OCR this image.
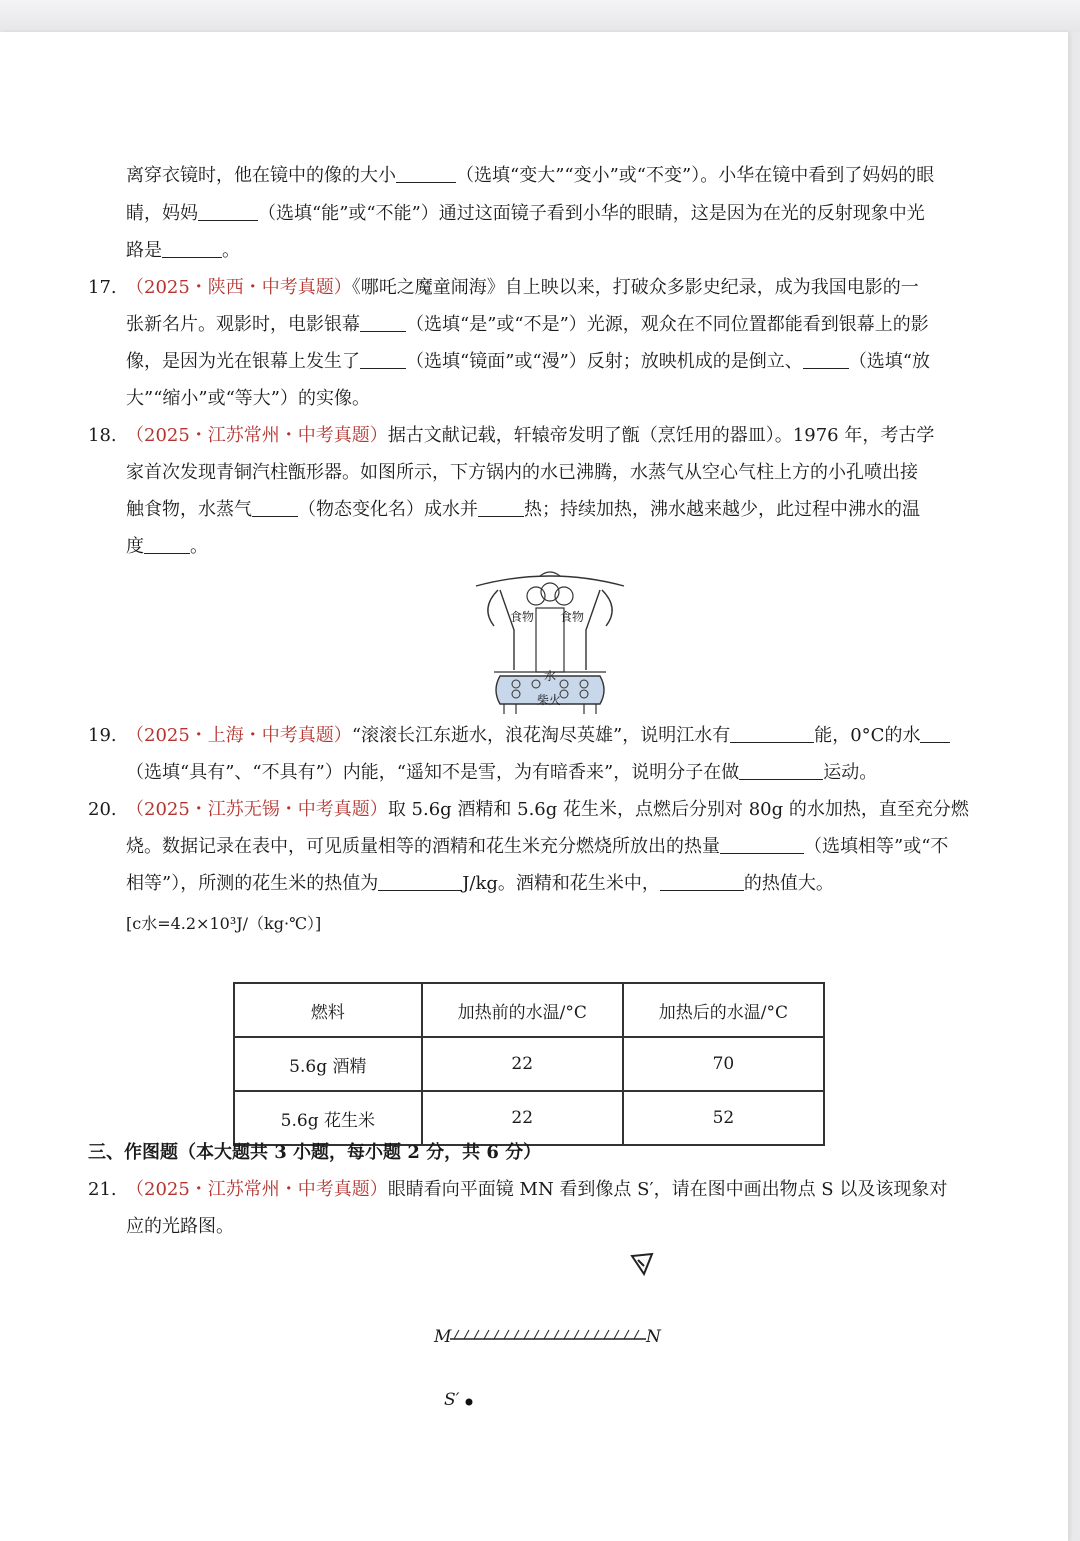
离穿衣镜时，他在镜中的像的大小	（选填“变大”“变小”或“不变”）。小华在镜中看到了妈妈的眼
睛，妈妈	（选填“能”或“不能”）通过这面镜子看到小华的眼睛，这是因为在光的反射现象中光
路是	。
17. （2025・陕西・中考真题）《哪吒之魔童闹海》自上映以来，打破众多影史纪录，成为我国电影的一
张新名片。观影时，电影银幕	（选填“是”或“不是”）光源，观众在不同位置都能看到银幕上的影
像，是因为光在银幕上发生了	（选填“镜面”或“漫”）反射；放映机成的是倒立、	（选填“放
大”“缩小”或“等大”）的实像。
18. （2025・江苏常州・中考真题）据古文献记载，轩辕帝发明了甑（烹饪用的器皿）。1976 年，考古学
家首次发现青铜汽柱甑形器。如图所示，下方锅内的水已沸腾，水蒸气从空心气柱上方的小孔喷出接
触食物，水蒸气	（物态变化名）成水并	热；持续加热，沸水越来越少，此过程中沸水的温
度	。
食物 食物
水
柴火
19. （2025・上海・中考真题）“滚滚长江东逝水，浪花淘尽英雄”，说明江水有	能，0°C的水
（选填“具有”、“不具有”）内能，“遥知不是雪，为有暗香来”，说明分子在做	运动。
20. （2025・江苏无锡・中考真题）取 5.6g 酒精和 5.6g 花生米，点燃后分别对 80g 的水加热，直至充分燃
烧。数据记录在表中，可见质量相等的酒精和花生米充分燃烧所放出的热量	（选填相等”或“不
相等”），所测的花生米的热值为	J/kg。酒精和花生米中，	的热值大。
[c水=4.2×10³J/（kg·℃）]
燃料	加热前的水温/°C	加热后的水温/°C
5.6g 酒精	22	70
5.6g 花生米	22	52
三、作图题（本大题共 3 小题，每小题 2 分，共 6 分）
21. （2025・江苏常州・中考真题）眼睛看向平面镜 MN 看到像点 S′，请在图中画出物点 S 以及该现象对
应的光路图。
M	N
S′
